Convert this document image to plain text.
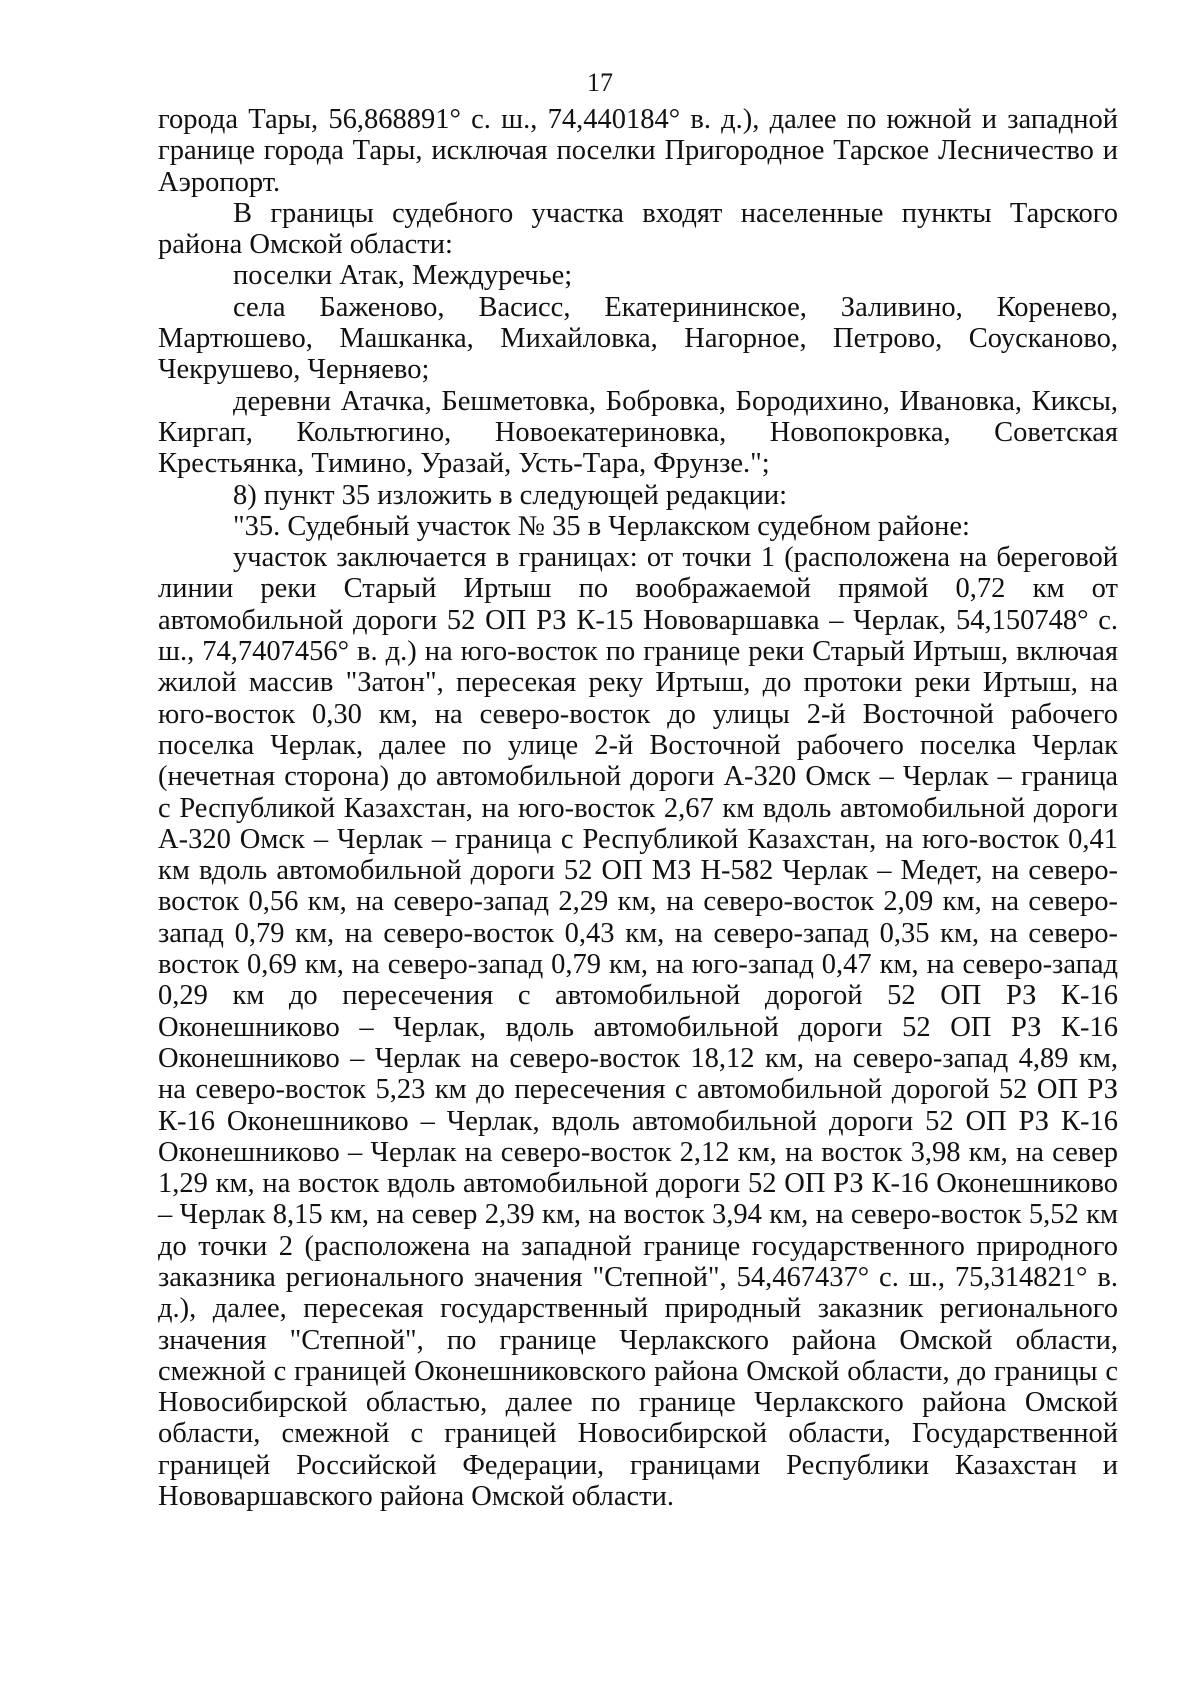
17

города Тары, 56,868891° с. ш., 74,440184° в. д.), далее по южной и западной границе города Тары, исключая поселки Пригородное Тарское Лесничество и Аэропорт.

В границы судебного участка входят населенные пункты Тарского района Омской области:

поселки Атак, Междуречье;

села Баженово, Васисс, Екатерининское, Заливино, Коренево, Мартюшево, Машканка, Михайловка, Нагорное, Петрово, Соусканово, Чекрушево, Черняево;

деревни Атачка, Бешметовка, Бобровка, Бородихино, Ивановка, Киксы, Киргап, Кольтюгино, Новоекатериновка, Новопокровка, Советская Крестьянка, Тимино, Уразай, Усть-Тара, Фрунзе.";

8) пункт 35 изложить в следующей редакции:

"35. Судебный участок № 35 в Черлакском судебном районе:

участок заключается в границах: от точки 1 (расположена на береговой линии реки Старый Иртыш по воображаемой прямой 0,72 км от автомобильной дороги 52 ОП РЗ К-15 Нововаршавка – Черлак, 54,150748° с. ш., 74,7407456° в. д.) на юго-восток по границе реки Старый Иртыш, включая жилой массив "Затон", пересекая реку Иртыш, до протоки реки Иртыш, на юго-восток 0,30 км, на северо-восток до улицы 2-й Восточной рабочего поселка Черлак, далее по улице 2-й Восточной рабочего поселка Черлак (нечетная сторона) до автомобильной дороги А-320 Омск – Черлак – граница с Республикой Казахстан, на юго-восток 2,67 км вдоль автомобильной дороги А-320 Омск – Черлак – граница с Республикой Казахстан, на юго-восток 0,41 км вдоль автомобильной дороги 52 ОП МЗ Н-582 Черлак – Медет, на северо-восток 0,56 км, на северо-запад 2,29 км, на северо-восток 2,09 км, на северо-запад 0,79 км, на северо-восток 0,43 км, на северо-запад 0,35 км, на северо-восток 0,69 км, на северо-запад 0,79 км, на юго-запад 0,47 км, на северо-запад 0,29 км до пересечения с автомобильной дорогой 52 ОП РЗ К-16 Оконешниково – Черлак, вдоль автомобильной дороги 52 ОП РЗ К-16 Оконешниково – Черлак на северо-восток 18,12 км, на северо-запад 4,89 км, на северо-восток 5,23 км до пересечения с автомобильной дорогой 52 ОП РЗ К-16 Оконешниково – Черлак, вдоль автомобильной дороги 52 ОП РЗ К-16 Оконешниково – Черлак на северо-восток 2,12 км, на восток 3,98 км, на север 1,29 км, на восток вдоль автомобильной дороги 52 ОП РЗ К-16 Оконешниково – Черлак 8,15 км, на север 2,39 км, на восток 3,94 км, на северо-восток 5,52 км до точки 2 (расположена на западной границе государственного природного заказника регионального значения "Степной", 54,467437° с. ш., 75,314821° в. д.), далее, пересекая государственный природный заказник регионального значения "Степной", по границе Черлакского района Омской области, смежной с границей Оконешниковского района Омской области, до границы с Новосибирской областью, далее по границе Черлакского района Омской области, смежной с границей Новосибирской области, Государственной границей Российской Федерации, границами Республики Казахстан и Нововаршавского района Омской области.
